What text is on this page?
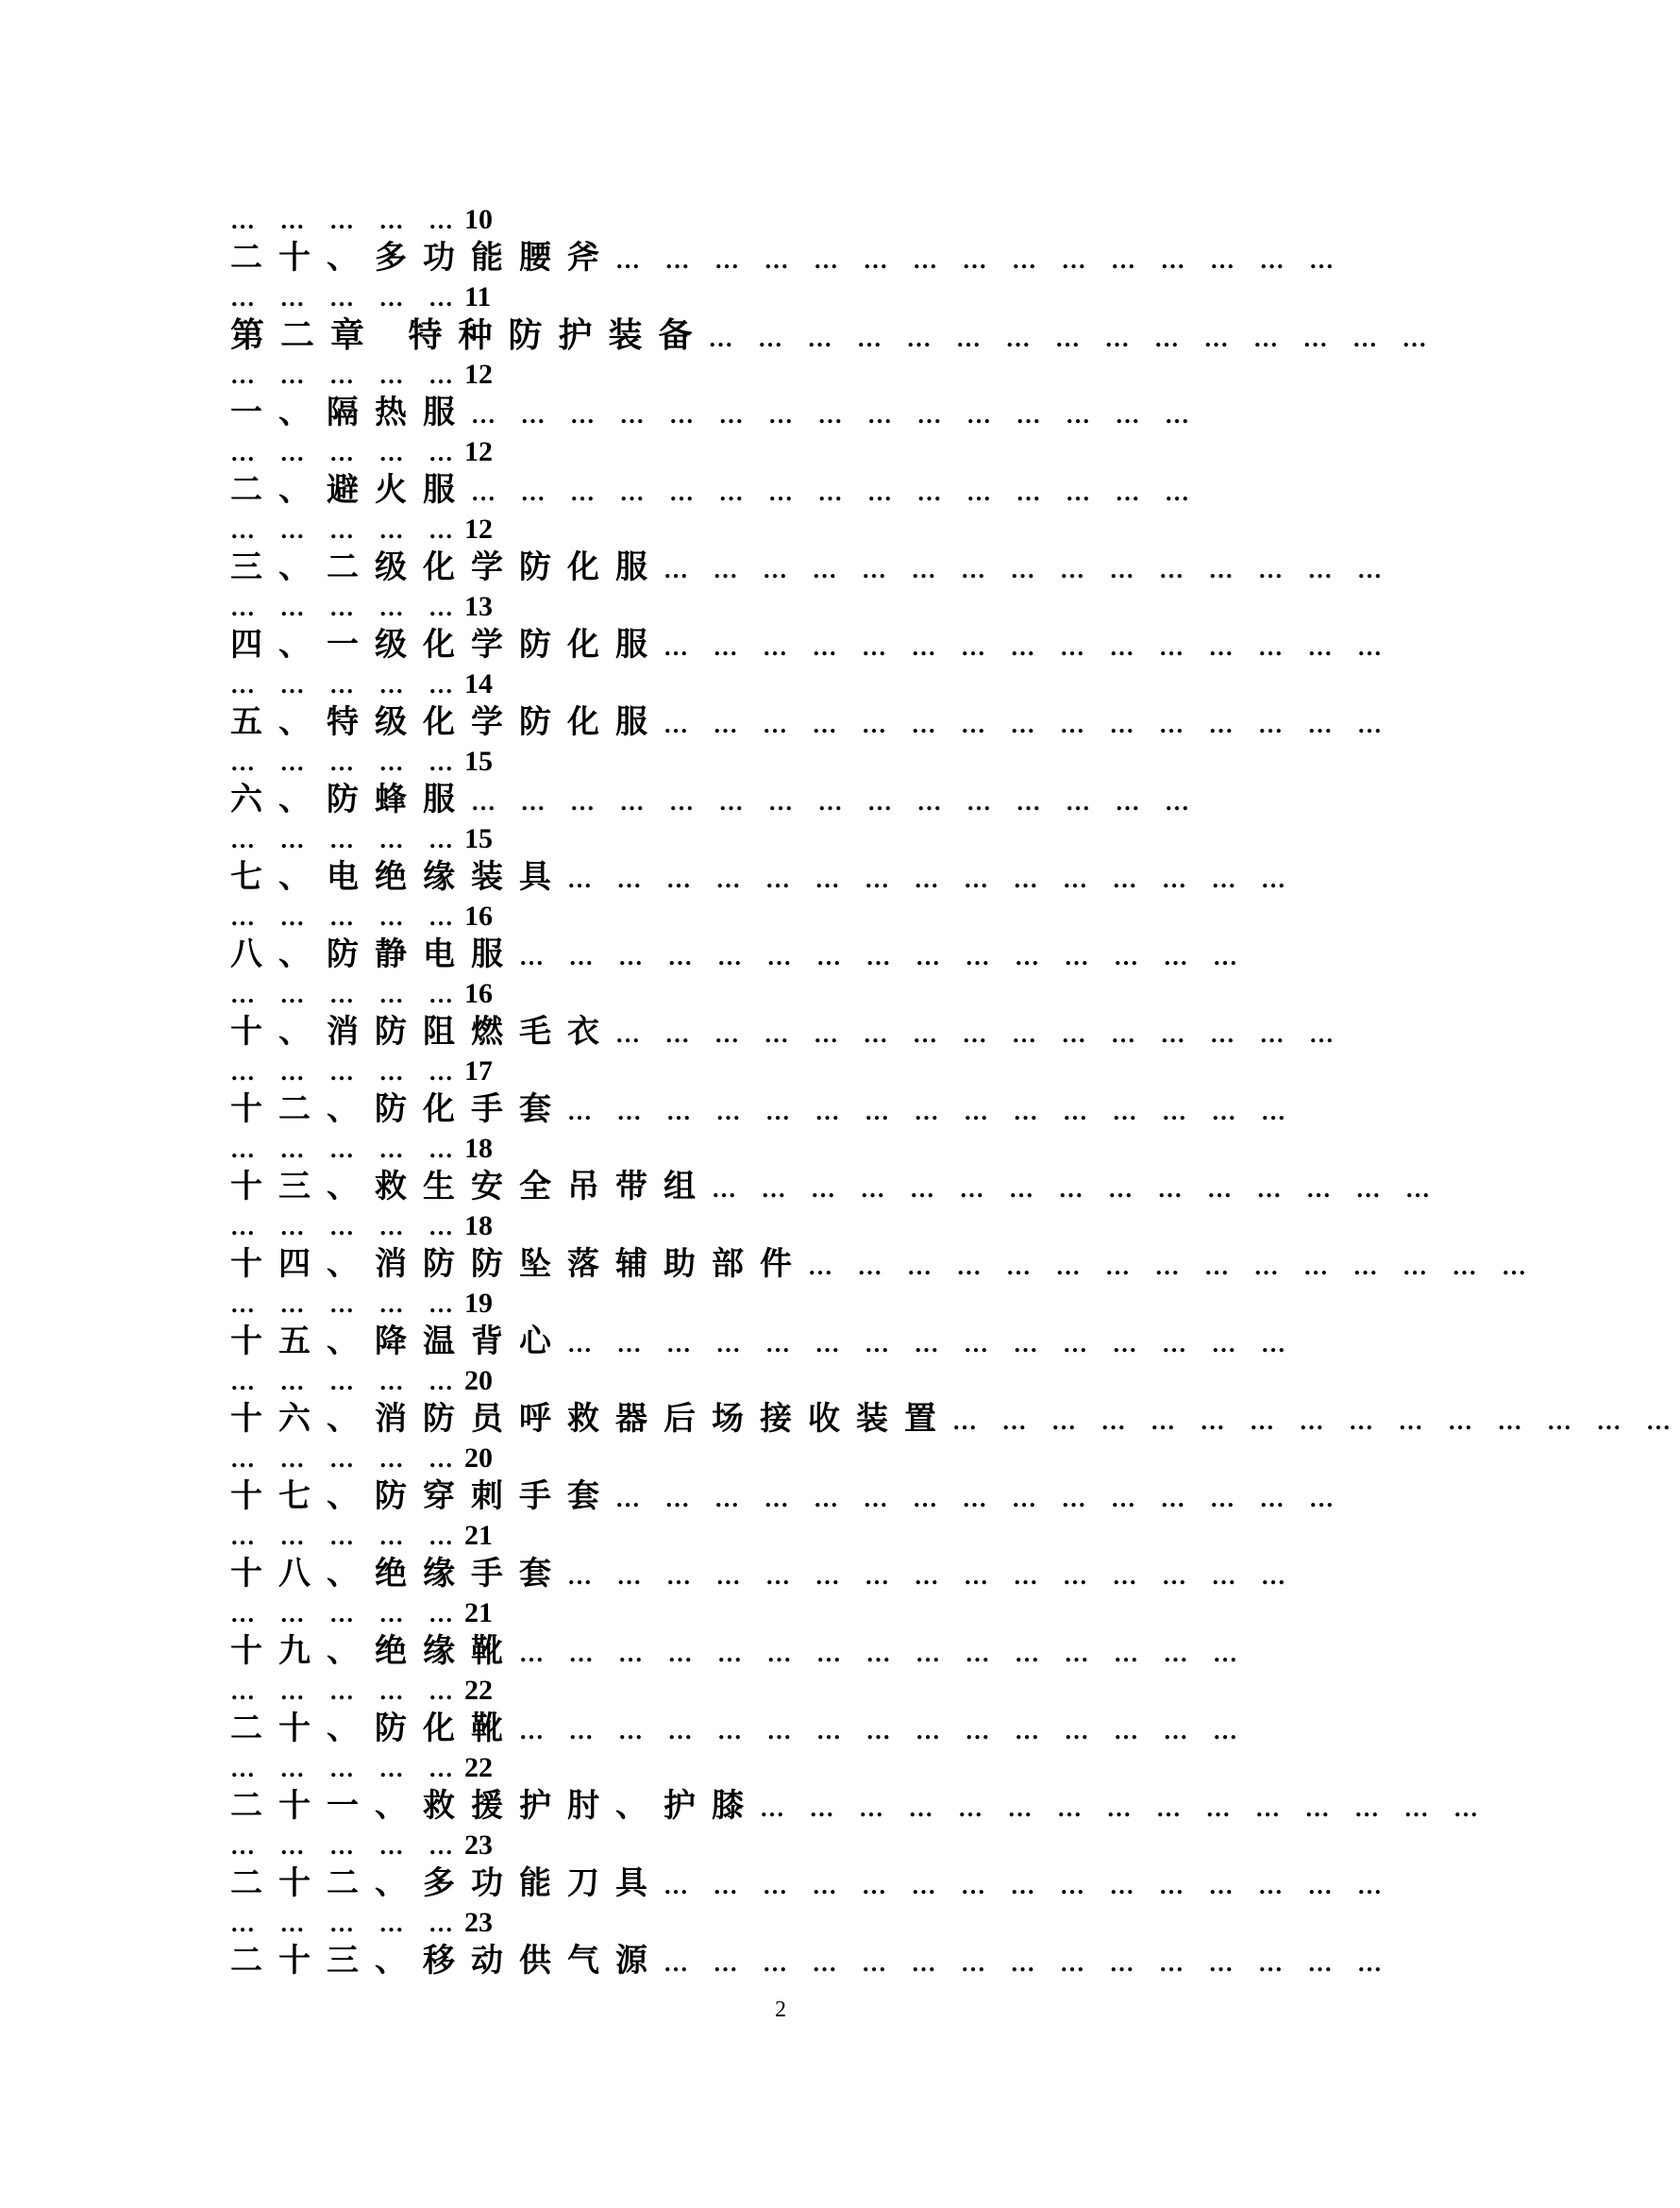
… … … … …10
二十、多功能腰斧… … … … … … … … … … … … … … …
… … … … …11
第二章 特种防护装备… … … … … … … … … … … … … … …
… … … … …12
一、隔热服… … … … … … … … … … … … … … …
… … … … …12
二、避火服… … … … … … … … … … … … … … …
… … … … …12
三、二级化学防化服… … … … … … … … … … … … … … …
… … … … …13
四、一级化学防化服… … … … … … … … … … … … … … …
… … … … …14
五、特级化学防化服… … … … … … … … … … … … … … …
… … … … …15
六、防蜂服… … … … … … … … … … … … … … …
… … … … …15
七、电绝缘装具… … … … … … … … … … … … … … …
… … … … …16
八、防静电服… … … … … … … … … … … … … … …
… … … … …16
十、消防阻燃毛衣… … … … … … … … … … … … … … …
… … … … …17
十二、防化手套… … … … … … … … … … … … … … …
… … … … …18
十三、救生安全吊带组… … … … … … … … … … … … … … …
… … … … …18
十四、消防防坠落辅助部件… … … … … … … … … … … … … … …
… … … … …19
十五、降温背心… … … … … … … … … … … … … … …
… … … … …20
十六、消防员呼救器后场接收装置… … … … … … … … … … … … … … …
… … … … …20
十七、防穿刺手套… … … … … … … … … … … … … … …
… … … … …21
十八、绝缘手套… … … … … … … … … … … … … … …
… … … … …21
十九、绝缘靴… … … … … … … … … … … … … … …
… … … … …22
二十、防化靴… … … … … … … … … … … … … … …
… … … … …22
二十一、救援护肘、护膝… … … … … … … … … … … … … … …
… … … … …23
二十二、多功能刀具… … … … … … … … … … … … … … …
… … … … …23
二十三、移动供气源… … … … … … … … … … … … … … …
2
